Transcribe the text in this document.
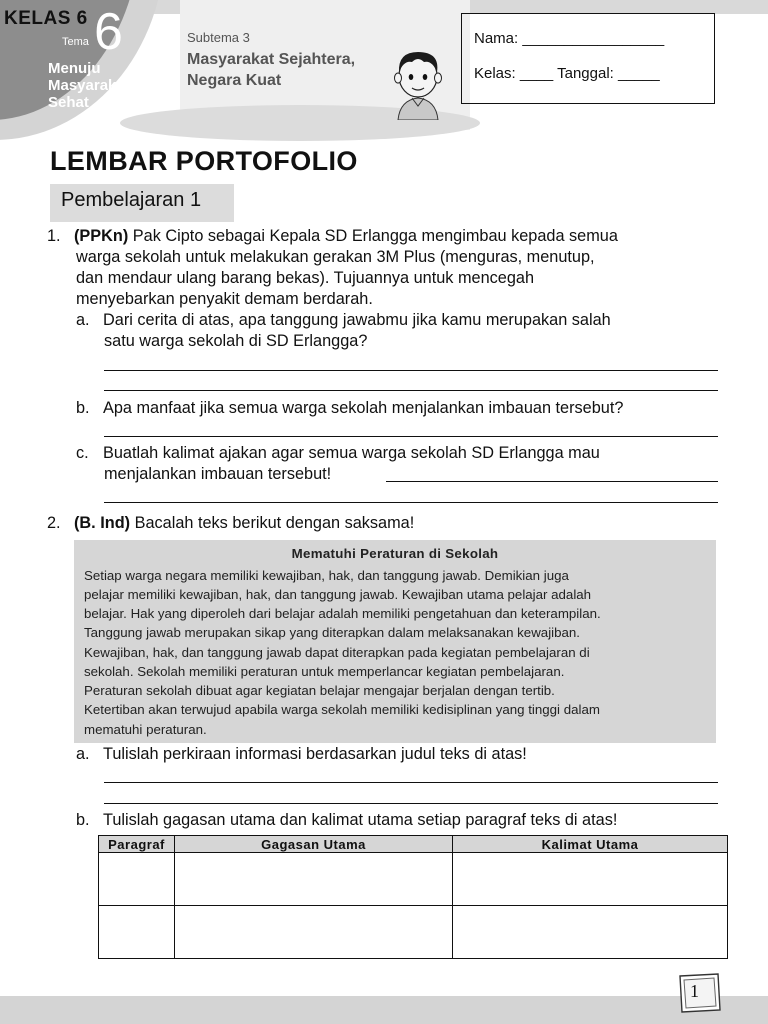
KELAS 6
Tema 6
Menuju
Masyarakat
Sehat
Subtema 3
Masyarakat Sejahtera,
Negara Kuat
Nama: _________________
Kelas: ____ Tanggal: _____
LEMBAR PORTOFOLIO
Pembelajaran 1
1. (PPKn) Pak Cipto sebagai Kepala SD Erlangga mengimbau kepada semua
warga sekolah untuk melakukan gerakan 3M Plus (menguras, menutup,
dan mendaur ulang barang bekas). Tujuannya untuk mencegah
menyebarkan penyakit demam berdarah.
a. Dari cerita di atas, apa tanggung jawabmu jika kamu merupakan salah
satu warga sekolah di SD Erlangga?
b. Apa manfaat jika semua warga sekolah menjalankan imbauan tersebut?
c. Buatlah kalimat ajakan agar semua warga sekolah SD Erlangga mau
menjalankan imbauan tersebut!
2. (B. Ind) Bacalah teks berikut dengan saksama!
Mematuhi Peraturan di Sekolah
Setiap warga negara memiliki kewajiban, hak, dan tanggung jawab. Demikian juga
pelajar memiliki kewajiban, hak, dan tanggung jawab. Kewajiban utama pelajar adalah
belajar. Hak yang diperoleh dari belajar adalah memiliki pengetahuan dan keterampilan.
Tanggung jawab merupakan sikap yang diterapkan dalam melaksanakan kewajiban.
Kewajiban, hak, dan tanggung jawab dapat diterapkan pada kegiatan pembelajaran di
sekolah. Sekolah memiliki peraturan untuk memperlancar kegiatan pembelajaran.
Peraturan sekolah dibuat agar kegiatan belajar mengajar berjalan dengan tertib.
Ketertiban akan terwujud apabila warga sekolah memiliki kedisiplinan yang tinggi dalam
mematuhi peraturan.
a. Tulislah perkiraan informasi berdasarkan judul teks di atas!
b. Tulislah gagasan utama dan kalimat utama setiap paragraf teks di atas!
Paragraf	Gagasan Utama	Kalimat Utama

1
